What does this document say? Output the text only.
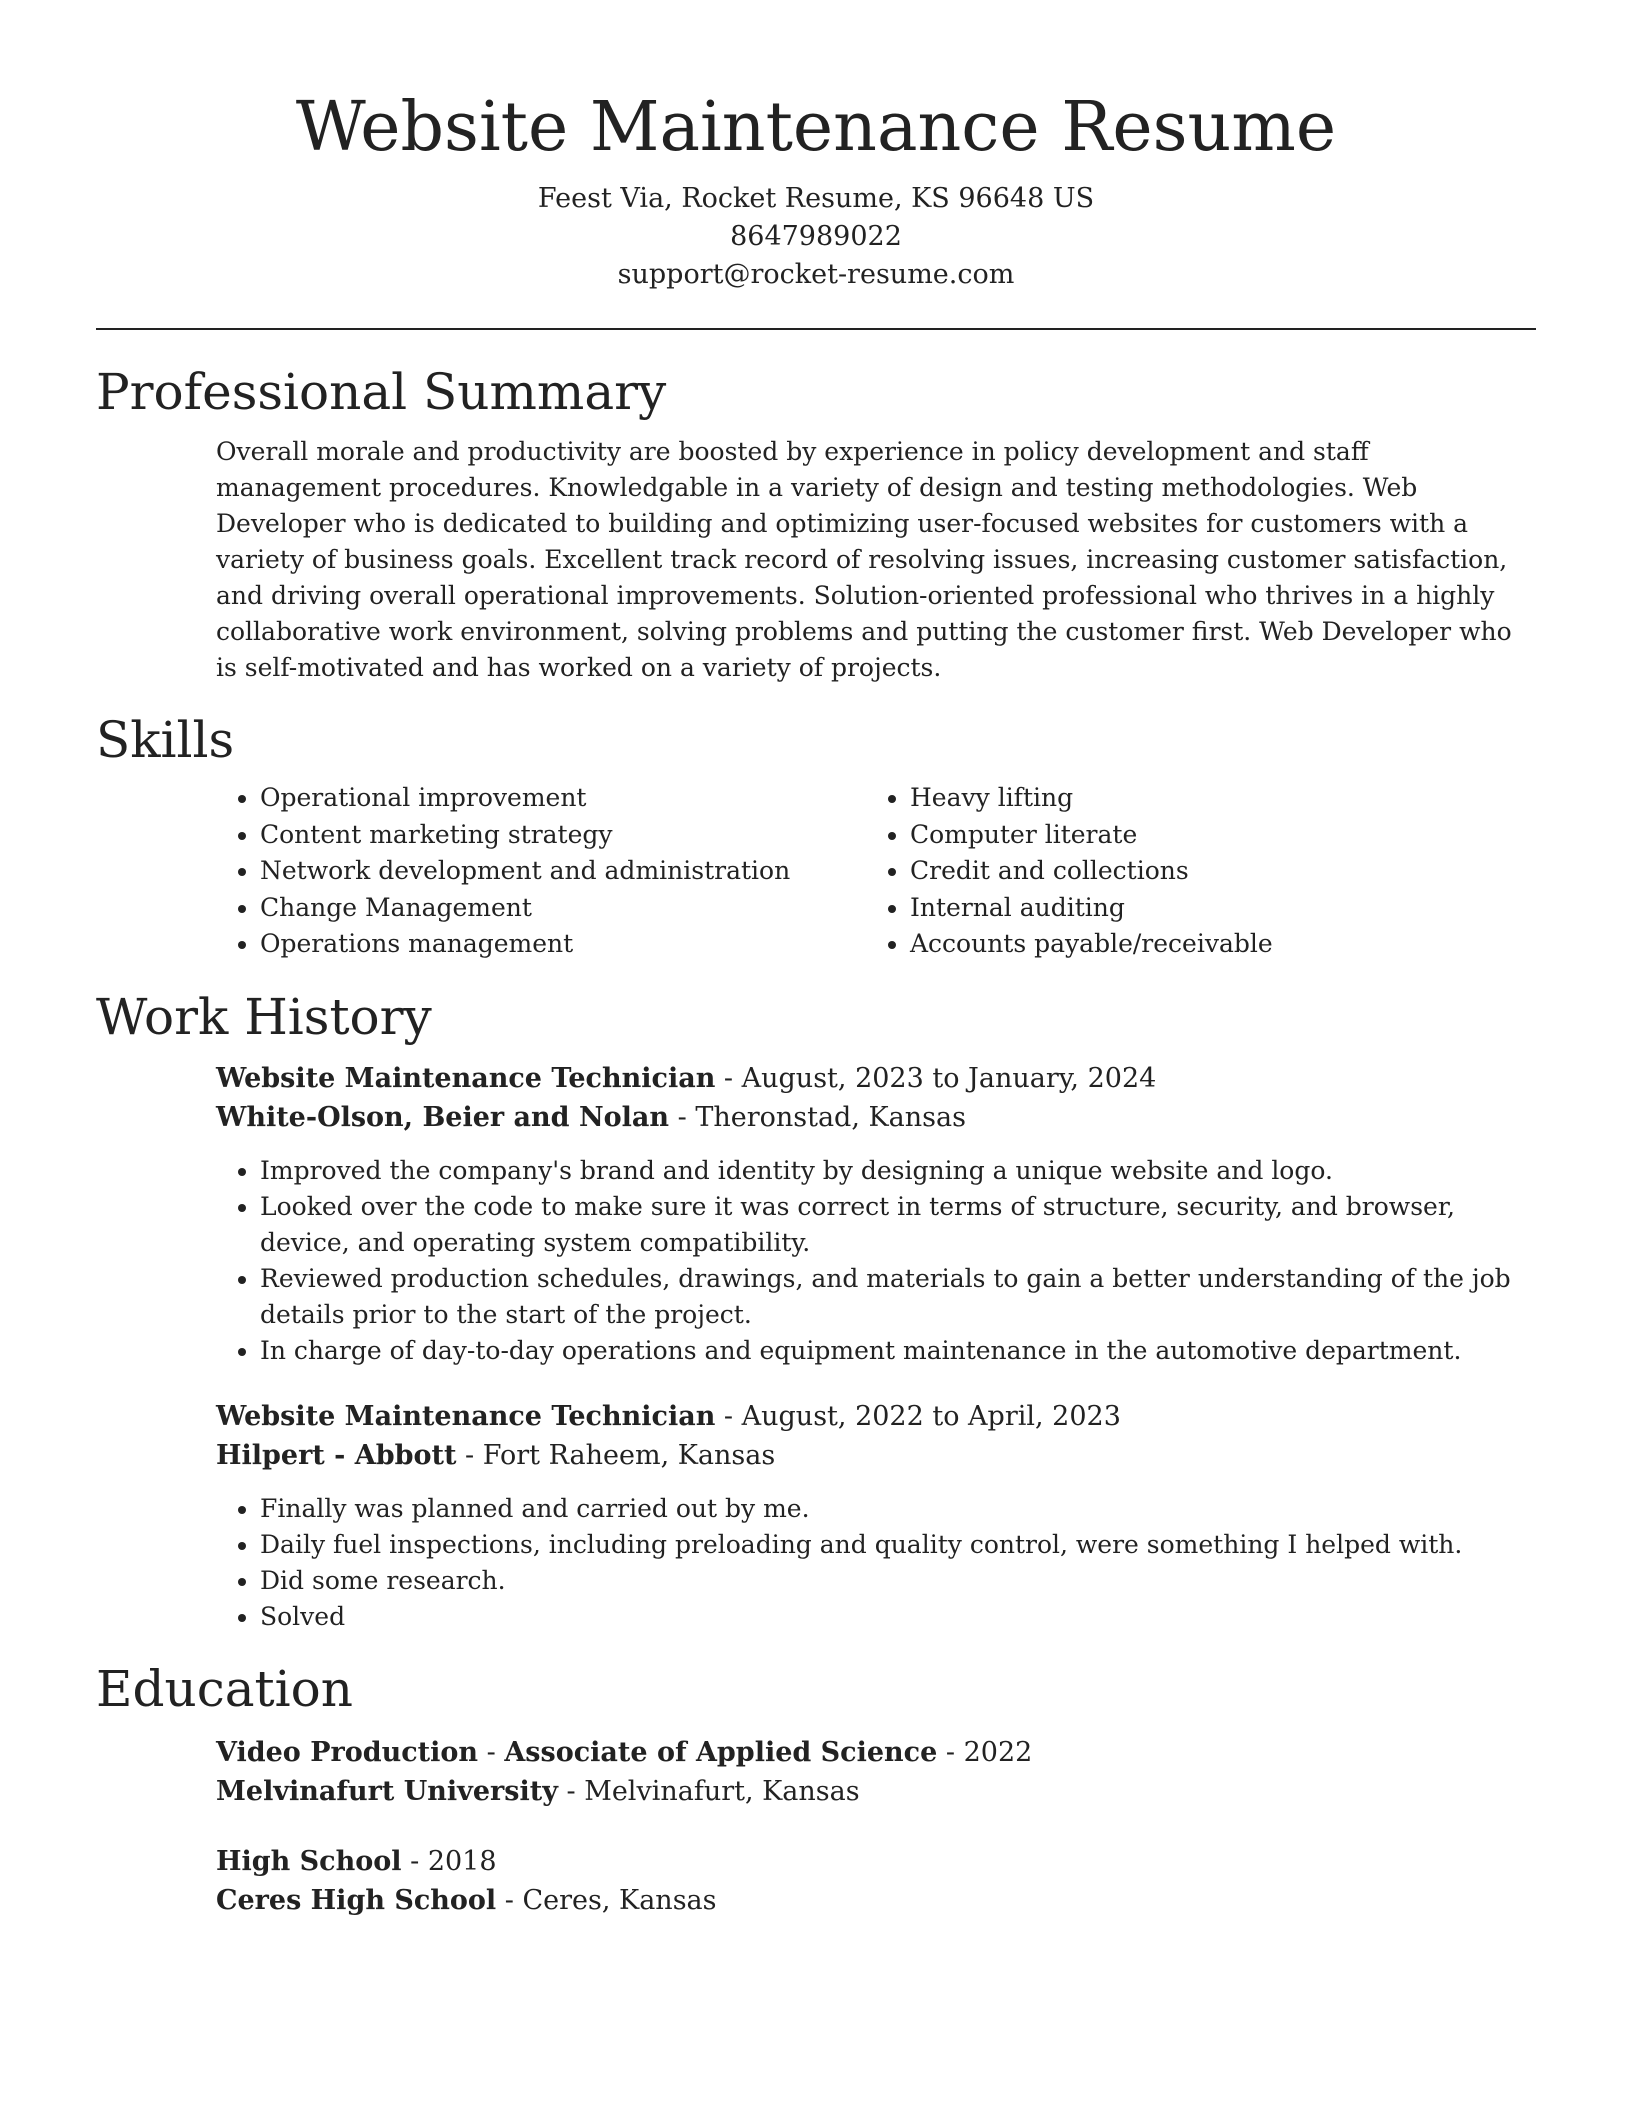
Website Maintenance Resume
Feest Via, Rocket Resume, KS 96648 US
8647989022
support@rocket-resume.com
Professional Summary

Overall morale and productivity are boosted by experience in policy development and staff management procedures. Knowledgable in a variety of design and testing methodologies. Web Developer who is dedicated to building and optimizing user-focused websites for customers with a variety of business goals. Excellent track record of resolving issues, increasing customer satisfaction, and driving overall operational improvements. Solution-oriented professional who thrives in a highly collaborative work environment, solving problems and putting the customer first. Web Developer who is self-motivated and has worked on a variety of projects.

Skills
• Operational improvement
• Content marketing strategy
• Network development and administration
• Change Management
• Operations management
• Heavy lifting
• Computer literate
• Credit and collections
• Internal auditing
• Accounts payable/receivable
Work History
Website Maintenance Technician - August, 2023 to January, 2024
White-Olson, Beier and Nolan - Theronstad, Kansas
• Improved the company's brand and identity by designing a unique website and logo.
• Looked over the code to make sure it was correct in terms of structure, security, and browser, device, and operating system compatibility.
• Reviewed production schedules, drawings, and materials to gain a better understanding of the job details prior to the start of the project.
• In charge of day-to-day operations and equipment maintenance in the automotive department.
Website Maintenance Technician - August, 2022 to April, 2023
Hilpert - Abbott - Fort Raheem, Kansas
• Finally was planned and carried out by me.
• Daily fuel inspections, including preloading and quality control, were something I helped with.
• Did some research.
• Solved
Education
Video Production - Associate of Applied Science - 2022
Melvinafurt University - Melvinafurt, Kansas
High School - 2018
Ceres High School - Ceres, Kansas
